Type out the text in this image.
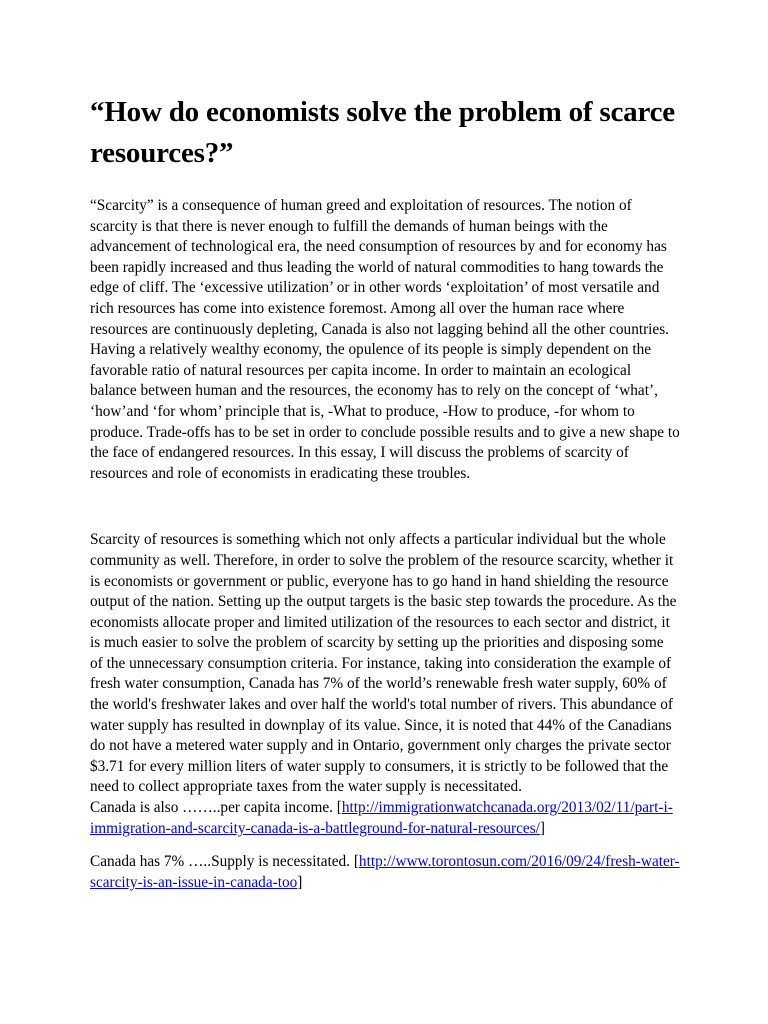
“How do economists solve the problem of scarce resources?”

“Scarcity” is a consequence of human greed and exploitation of resources. The notion of scarcity is that there is never enough to fulfill the demands of human beings with the advancement of technological era, the need consumption of resources by and for economy has been rapidly increased and thus leading the world of natural commodities to hang towards the edge of cliff. The ‘excessive utilization’ or in other words ‘exploitation’ of most versatile and rich resources has come into existence foremost. Among all over the human race where resources are continuously depleting, Canada is also not lagging behind all the other countries. Having a relatively wealthy economy, the opulence of its people is simply dependent on the favorable ratio of natural resources per capita income. In order to maintain an ecological balance between human and the resources, the economy has to rely on the concept of ‘what’, ‘how’and ‘for whom’ principle that is, -What to produce, -How to produce, -for whom to produce. Trade-offs has to be set in order to conclude possible results and to give a new shape to the face of endangered resources. In this essay, I will discuss the problems of scarcity of resources and role of economists in eradicating these troubles.

Scarcity of resources is something which not only affects a particular individual but the whole community as well. Therefore, in order to solve the problem of the resource scarcity, whether it is economists or government or public, everyone has to go hand in hand shielding the resource output of the nation. Setting up the output targets is the basic step towards the procedure. As the economists allocate proper and limited utilization of the resources to each sector and district, it is much easier to solve the problem of scarcity by setting up the priorities and disposing some of the unnecessary consumption criteria. For instance, taking into consideration the example of fresh water consumption, Canada has 7% of the world’s renewable fresh water supply, 60% of the world's freshwater lakes and over half the world's total number of rivers. This abundance of water supply has resulted in downplay of its value. Since, it is noted that 44% of the Canadians do not have a metered water supply and in Ontario, government only charges the private sector $3.71 for every million liters of water supply to consumers, it is strictly to be followed that the need to collect appropriate taxes from the water supply is necessitated.

Canada is also ……..per capita income. [http://immigrationwatchcanada.org/2013/02/11/part-i-immigration-and-scarcity-canada-is-a-battleground-for-natural-resources/]

Canada has 7% …..Supply is necessitated. [http://www.torontosun.com/2016/09/24/fresh-water-scarcity-is-an-issue-in-canada-too]
